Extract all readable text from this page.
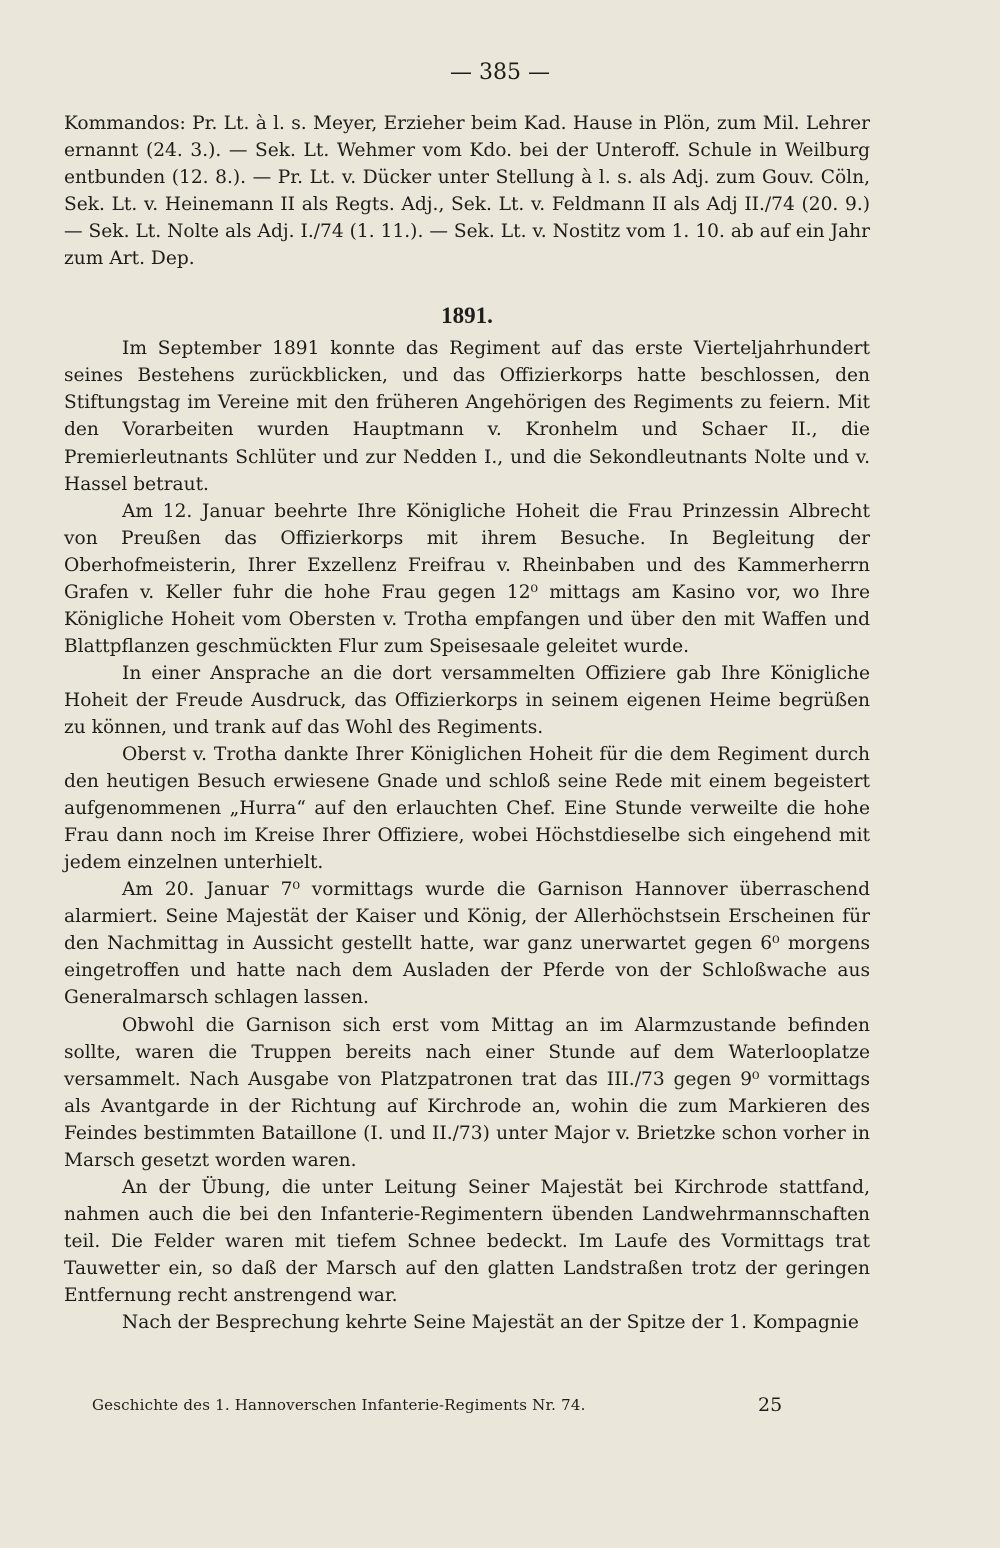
— 385 —

Kommandos: Pr. Lt. à l. s. Meyer, Erzieher beim Kad. Hause in Plön, zum Mil. Lehrer ernannt (24. 3.). — Sek. Lt. Wehmer vom Kdo. bei der Unteroff. Schule in Weilburg entbunden (12. 8.). — Pr. Lt. v. Dücker unter Stellung à l. s. als Adj. zum Gouv. Cöln, Sek. Lt. v. Heinemann II als Regts. Adj., Sek. Lt. v. Feldmann II als Adj II./74 (20. 9.) — Sek. Lt. Nolte als Adj. I./74 (1. 11.). — Sek. Lt. v. Nostitz vom 1. 10. ab auf ein Jahr zum Art. Dep.

1891.

Im September 1891 konnte das Regiment auf das erste Vierteljahrhundert seines Bestehens zurückblicken, und das Offizierkorps hatte beschlossen, den Stiftungstag im Vereine mit den früheren Angehörigen des Regiments zu feiern. Mit den Vorarbeiten wurden Hauptmann v. Kronhelm und Schaer II., die Premierleutnants Schlüter und zur Nedden I., und die Sekondleutnants Nolte und v. Hassel betraut.

Am 12. Januar beehrte Ihre Königliche Hoheit die Frau Prinzessin Albrecht von Preußen das Offizierkorps mit ihrem Besuche. In Begleitung der Oberhofmeisterin, Ihrer Exzellenz Freifrau v. Rheinbaben und des Kammerherrn Grafen v. Keller fuhr die hohe Frau gegen 12⁰ mittags am Kasino vor, wo Ihre Königliche Hoheit vom Obersten v. Trotha empfangen und über den mit Waffen und Blattpflanzen geschmückten Flur zum Speisesaale geleitet wurde.

In einer Ansprache an die dort versammelten Offiziere gab Ihre Königliche Hoheit der Freude Ausdruck, das Offizierkorps in seinem eigenen Heime begrüßen zu können, und trank auf das Wohl des Regiments.

Oberst v. Trotha dankte Ihrer Königlichen Hoheit für die dem Regiment durch den heutigen Besuch erwiesene Gnade und schloß seine Rede mit einem begeistert aufgenommenen „Hurra“ auf den erlauchten Chef. Eine Stunde verweilte die hohe Frau dann noch im Kreise Ihrer Offiziere, wobei Höchstdieselbe sich eingehend mit jedem einzelnen unterhielt.

Am 20. Januar 7⁰ vormittags wurde die Garnison Hannover überraschend alarmiert. Seine Majestät der Kaiser und König, der Allerhöchstsein Erscheinen für den Nachmittag in Aussicht gestellt hatte, war ganz unerwartet gegen 6⁰ morgens eingetroffen und hatte nach dem Ausladen der Pferde von der Schloßwache aus Generalmarsch schlagen lassen.

Obwohl die Garnison sich erst vom Mittag an im Alarmzustande befinden sollte, waren die Truppen bereits nach einer Stunde auf dem Waterlooplatze versammelt. Nach Ausgabe von Platzpatronen trat das III./73 gegen 9⁰ vormittags als Avantgarde in der Richtung auf Kirchrode an, wohin die zum Markieren des Feindes bestimmten Bataillone (I. und II./73) unter Major v. Brietzke schon vorher in Marsch gesetzt worden waren.

An der Übung, die unter Leitung Seiner Majestät bei Kirchrode stattfand, nahmen auch die bei den Infanterie-Regimentern übenden Landwehrmannschaften teil. Die Felder waren mit tiefem Schnee bedeckt. Im Laufe des Vormittags trat Tauwetter ein, so daß der Marsch auf den glatten Landstraßen trotz der geringen Entfernung recht anstrengend war.

Nach der Besprechung kehrte Seine Majestät an der Spitze der 1. Kompagnie

Geschichte des 1. Hannoverschen Infanterie-Regiments Nr. 74.	25
